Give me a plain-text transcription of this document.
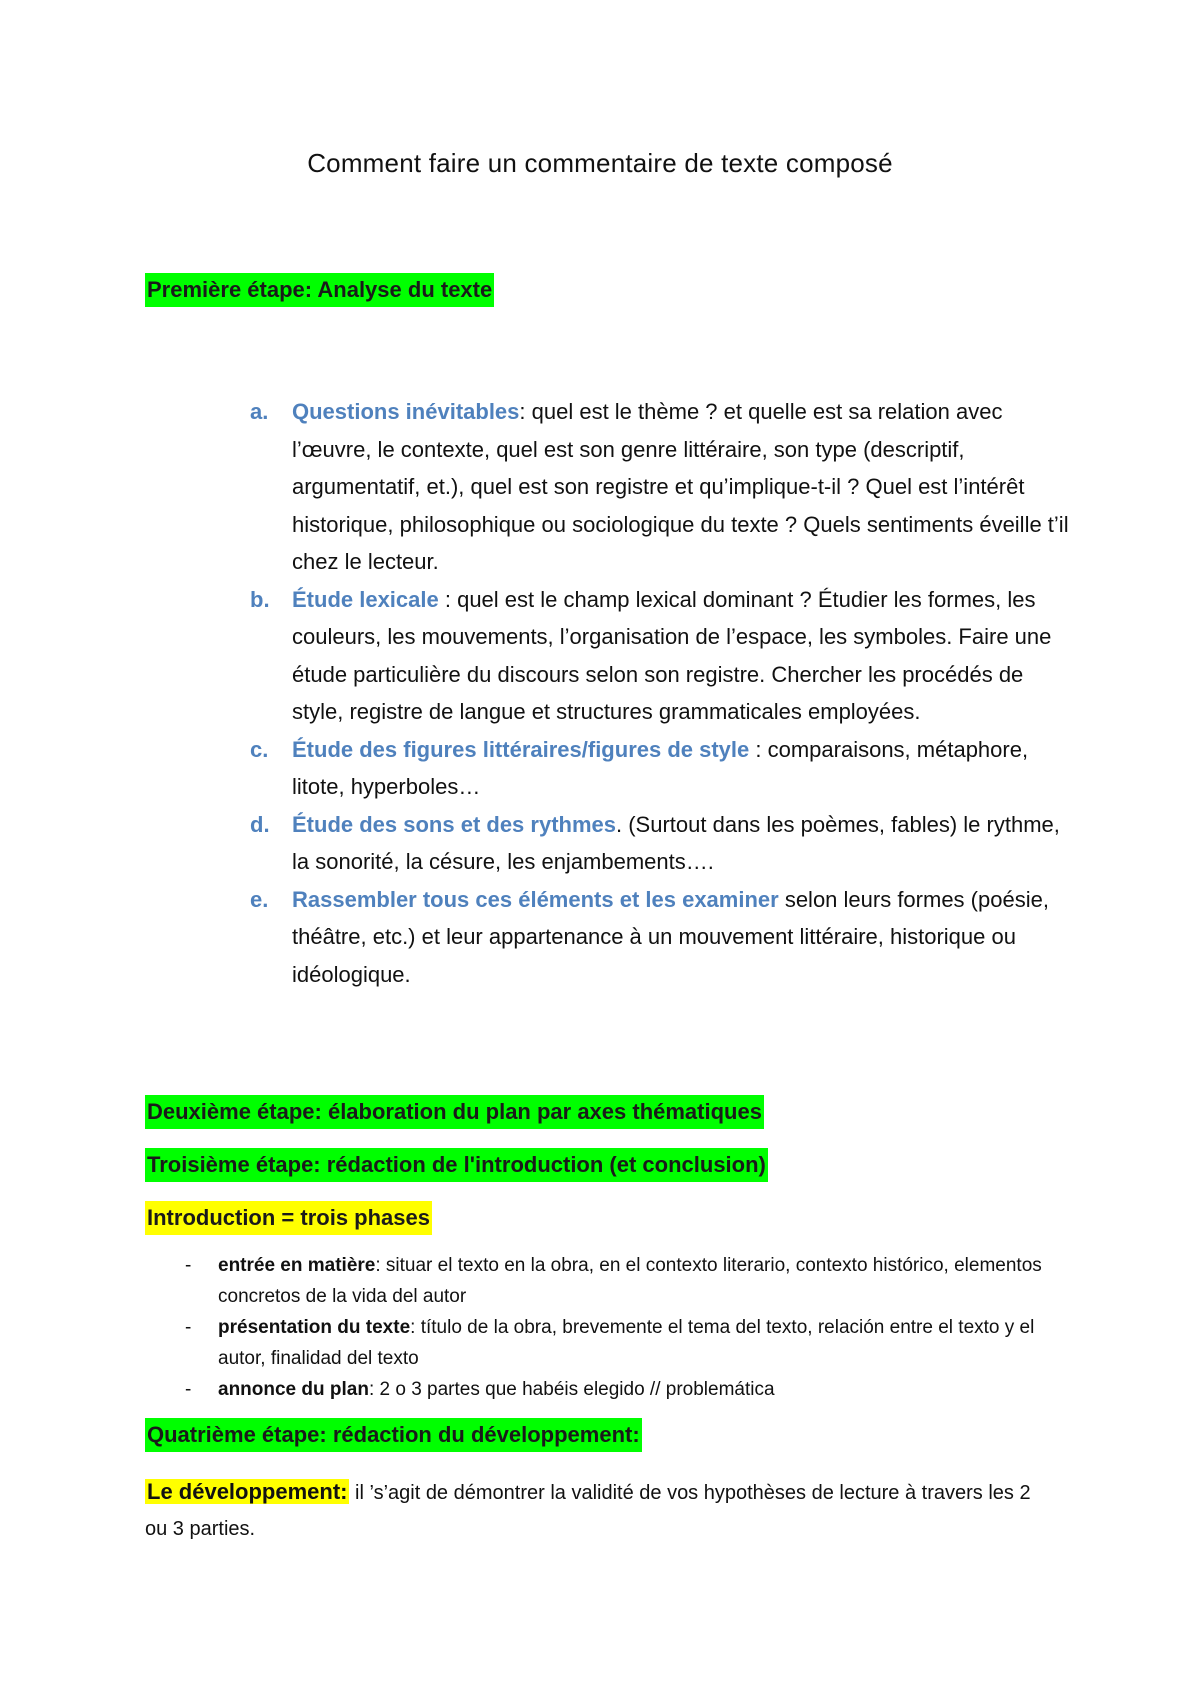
Comment faire un commentaire de texte composé
Première étape: Analyse du texte
a. Questions inévitables: quel est le thème ? et quelle est sa relation avec l’œuvre, le contexte, quel est son genre littéraire, son type (descriptif, argumentatif, et.), quel est son registre et qu’implique-t-il ? Quel est l’intérêt historique, philosophique ou sociologique du texte ? Quels sentiments éveille t’il chez le lecteur.
b. Étude lexicale : quel est le champ lexical dominant ? Étudier les formes, les couleurs, les mouvements, l’organisation de l’espace, les symboles. Faire une étude particulière du discours selon son registre. Chercher les procédés de style, registre de langue et structures grammaticales employées.
c. Étude des figures littéraires/figures de style : comparaisons, métaphore, litote, hyperboles…
d. Étude des sons et des rythmes. (Surtout dans les poèmes, fables) le rythme, la sonorité, la césure, les enjambements….
e. Rassembler tous ces éléments et les examiner selon leurs formes (poésie, théâtre, etc.) et leur appartenance à un mouvement littéraire, historique ou idéologique.
Deuxième étape: élaboration du plan par axes thématiques
Troisième étape: rédaction de l'introduction (et conclusion)
Introduction = trois phases
- entrée en matière: situar el texto en la obra, en el contexto literario, contexto histórico, elementos concretos de la vida del autor
- présentation du texte: título de la obra, brevemente el tema del texto, relación entre el texto y el autor, finalidad del texto
- annonce du plan: 2 o 3 partes que habéis elegido // problemática
Quatrième étape: rédaction du développement:
Le développement: il ’s’agit de démontrer la validité de vos hypothèses de lecture à travers les 2 ou 3 parties.
